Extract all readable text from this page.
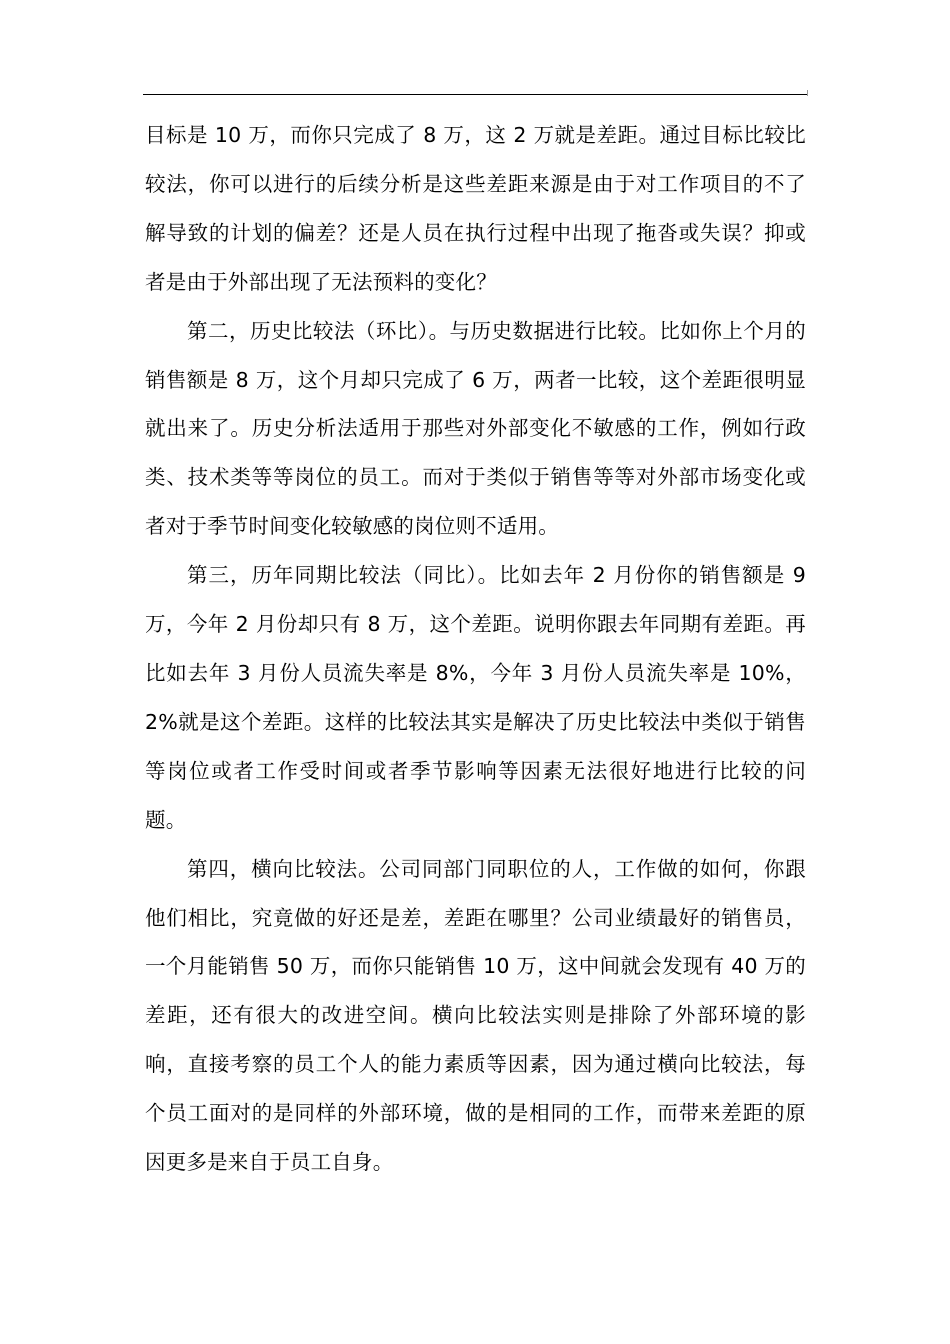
目标是 10 万，而你只完成了 8 万，这 2 万就是差距。通过目标比较比较法，你可以进行的后续分析是这些差距来源是由于对工作项目的不了解导致的计划的偏差？还是人员在执行过程中出现了拖沓或失误？抑或者是由于外部出现了无法预料的变化？

第二，历史比较法（环比）。与历史数据进行比较。比如你上个月的销售额是 8 万，这个月却只完成了 6 万，两者一比较，这个差距很明显就出来了。历史分析法适用于那些对外部变化不敏感的工作，例如行政类、技术类等等岗位的员工。而对于类似于销售等等对外部市场变化或者对于季节时间变化较敏感的岗位则不适用。

第三，历年同期比较法（同比）。比如去年 2 月份你的销售额是 9 万，今年 2 月份却只有 8 万，这个差距。说明你跟去年同期有差距。再比如去年 3 月份人员流失率是 8%，今年 3 月份人员流失率是 10%，2%就是这个差距。这样的比较法其实是解决了历史比较法中类似于销售等岗位或者工作受时间或者季节影响等因素无法很好地进行比较的问题。

第四，横向比较法。公司同部门同职位的人，工作做的如何，你跟他们相比，究竟做的好还是差，差距在哪里？公司业绩最好的销售员，一个月能销售 50 万，而你只能销售 10 万，这中间就会发现有 40 万的差距，还有很大的改进空间。横向比较法实则是排除了外部环境的影响，直接考察的员工个人的能力素质等因素，因为通过横向比较法，每个员工面对的是同样的外部环境，做的是相同的工作，而带来差距的原因更多是来自于员工自身。
